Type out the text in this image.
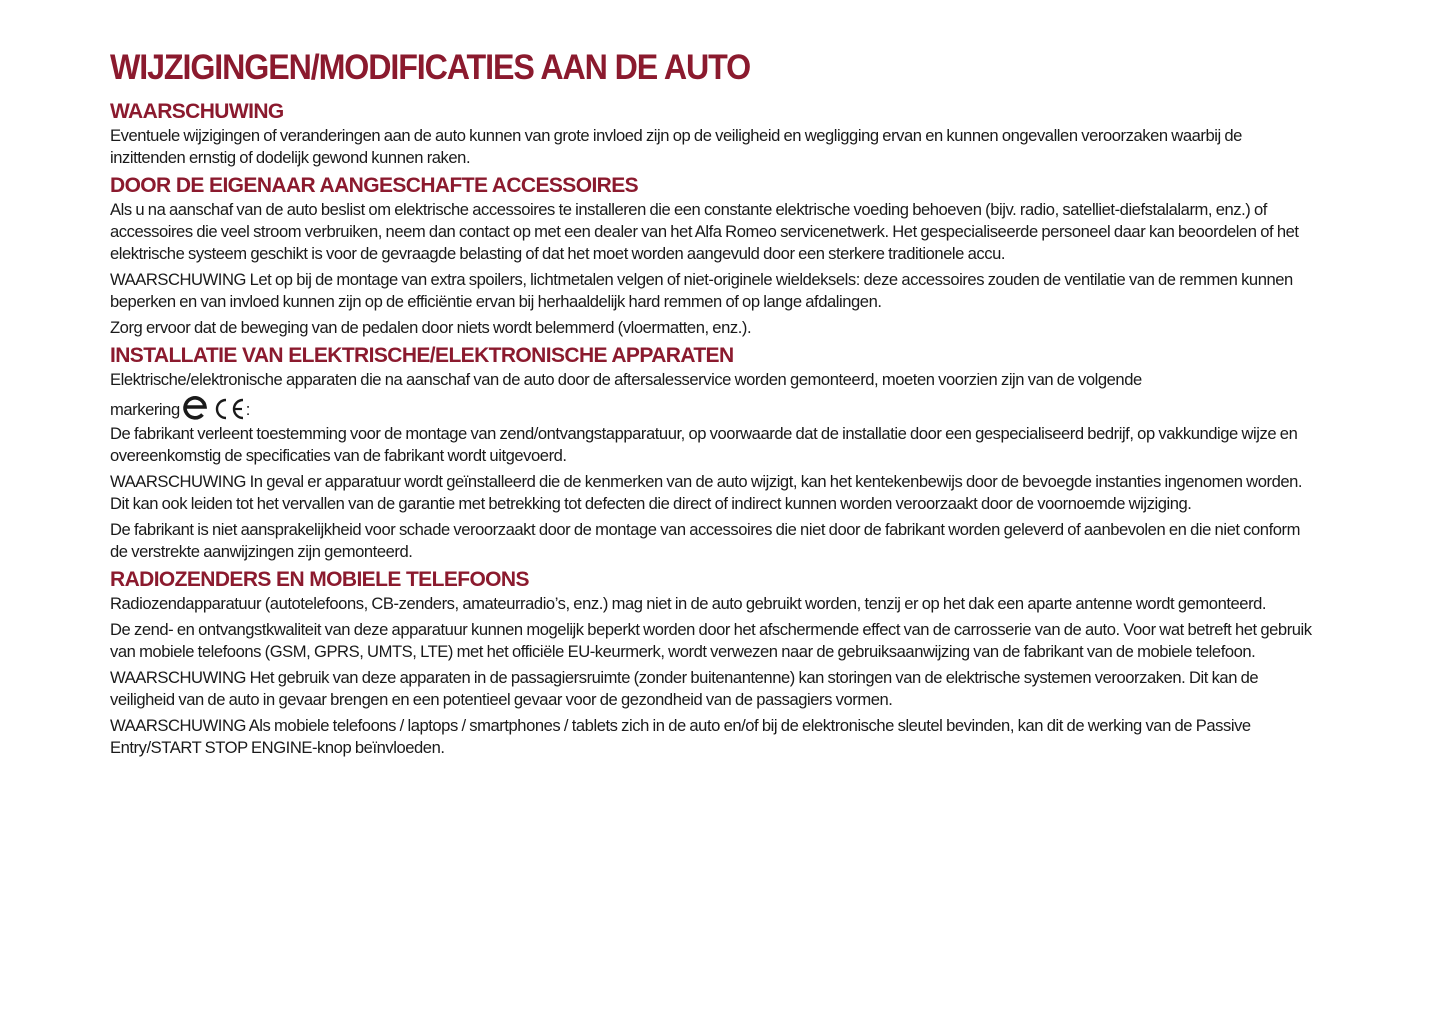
WIJZIGINGEN/MODIFICATIES AAN DE AUTO
WAARSCHUWING

Eventuele wijzigingen of veranderingen aan de auto kunnen van grote invloed zijn op de veiligheid en wegligging ervan en kunnen ongevallen veroorzaken waarbij de inzittenden ernstig of dodelijk gewond kunnen raken.

DOOR DE EIGENAAR AANGESCHAFTE ACCESSOIRES

Als u na aanschaf van de auto beslist om elektrische accessoires te installeren die een constante elektrische voeding behoeven (bijv. radio, satelliet-diefstalalarm, enz.) of accessoires die veel stroom verbruiken, neem dan contact op met een dealer van het Alfa Romeo servicenetwerk. Het gespecialiseerde personeel daar kan beoordelen of het elektrische systeem geschikt is voor de gevraagde belasting of dat het moet worden aangevuld door een sterkere traditionele accu.

WAARSCHUWING Let op bij de montage van extra spoilers, lichtmetalen velgen of niet-originele wieldeksels: deze accessoires zouden de ventilatie van de remmen kunnen beperken en van invloed kunnen zijn op de efficiëntie ervan bij herhaaldelijk hard remmen of op lange afdalingen.

Zorg ervoor dat de beweging van de pedalen door niets wordt belemmerd (vloermatten, enz.).

INSTALLATIE VAN ELEKTRISCHE/ELEKTRONISCHE APPARATEN

Elektrische/elektronische apparaten die na aanschaf van de auto door de aftersalesservice worden gemonteerd, moeten voorzien zijn van de volgende

markering	:

De fabrikant verleent toestemming voor de montage van zend/ontvangstapparatuur, op voorwaarde dat de installatie door een gespecialiseerd bedrijf, op vakkundige wijze en overeenkomstig de specificaties van de fabrikant wordt uitgevoerd.

WAARSCHUWING In geval er apparatuur wordt geïnstalleerd die de kenmerken van de auto wijzigt, kan het kentekenbewijs door de bevoegde instanties ingenomen worden. Dit kan ook leiden tot het vervallen van de garantie met betrekking tot defecten die direct of indirect kunnen worden veroorzaakt door de voornoemde wijziging.

De fabrikant is niet aansprakelijkheid voor schade veroorzaakt door de montage van accessoires die niet door de fabrikant worden geleverd of aanbevolen en die niet conform de verstrekte aanwijzingen zijn gemonteerd.

RADIOZENDERS EN MOBIELE TELEFOONS

Radiozendapparatuur (autotelefoons, CB-zenders, amateurradio’s, enz.) mag niet in de auto gebruikt worden, tenzij er op het dak een aparte antenne wordt gemonteerd.

De zend- en ontvangstkwaliteit van deze apparatuur kunnen mogelijk beperkt worden door het afschermende effect van de carrosserie van de auto. Voor wat betreft het gebruik van mobiele telefoons (GSM, GPRS, UMTS, LTE) met het officiële EU-keurmerk, wordt verwezen naar de gebruiksaanwijzing van de fabrikant van de mobiele telefoon.

WAARSCHUWING Het gebruik van deze apparaten in de passagiersruimte (zonder buitenantenne) kan storingen van de elektrische systemen veroorzaken. Dit kan de veiligheid van de auto in gevaar brengen en een potentieel gevaar voor de gezondheid van de passagiers vormen.

WAARSCHUWING Als mobiele telefoons / laptops / smartphones / tablets zich in de auto en/of bij de elektronische sleutel bevinden, kan dit de werking van de Passive Entry/START STOP ENGINE-knop beïnvloeden.
